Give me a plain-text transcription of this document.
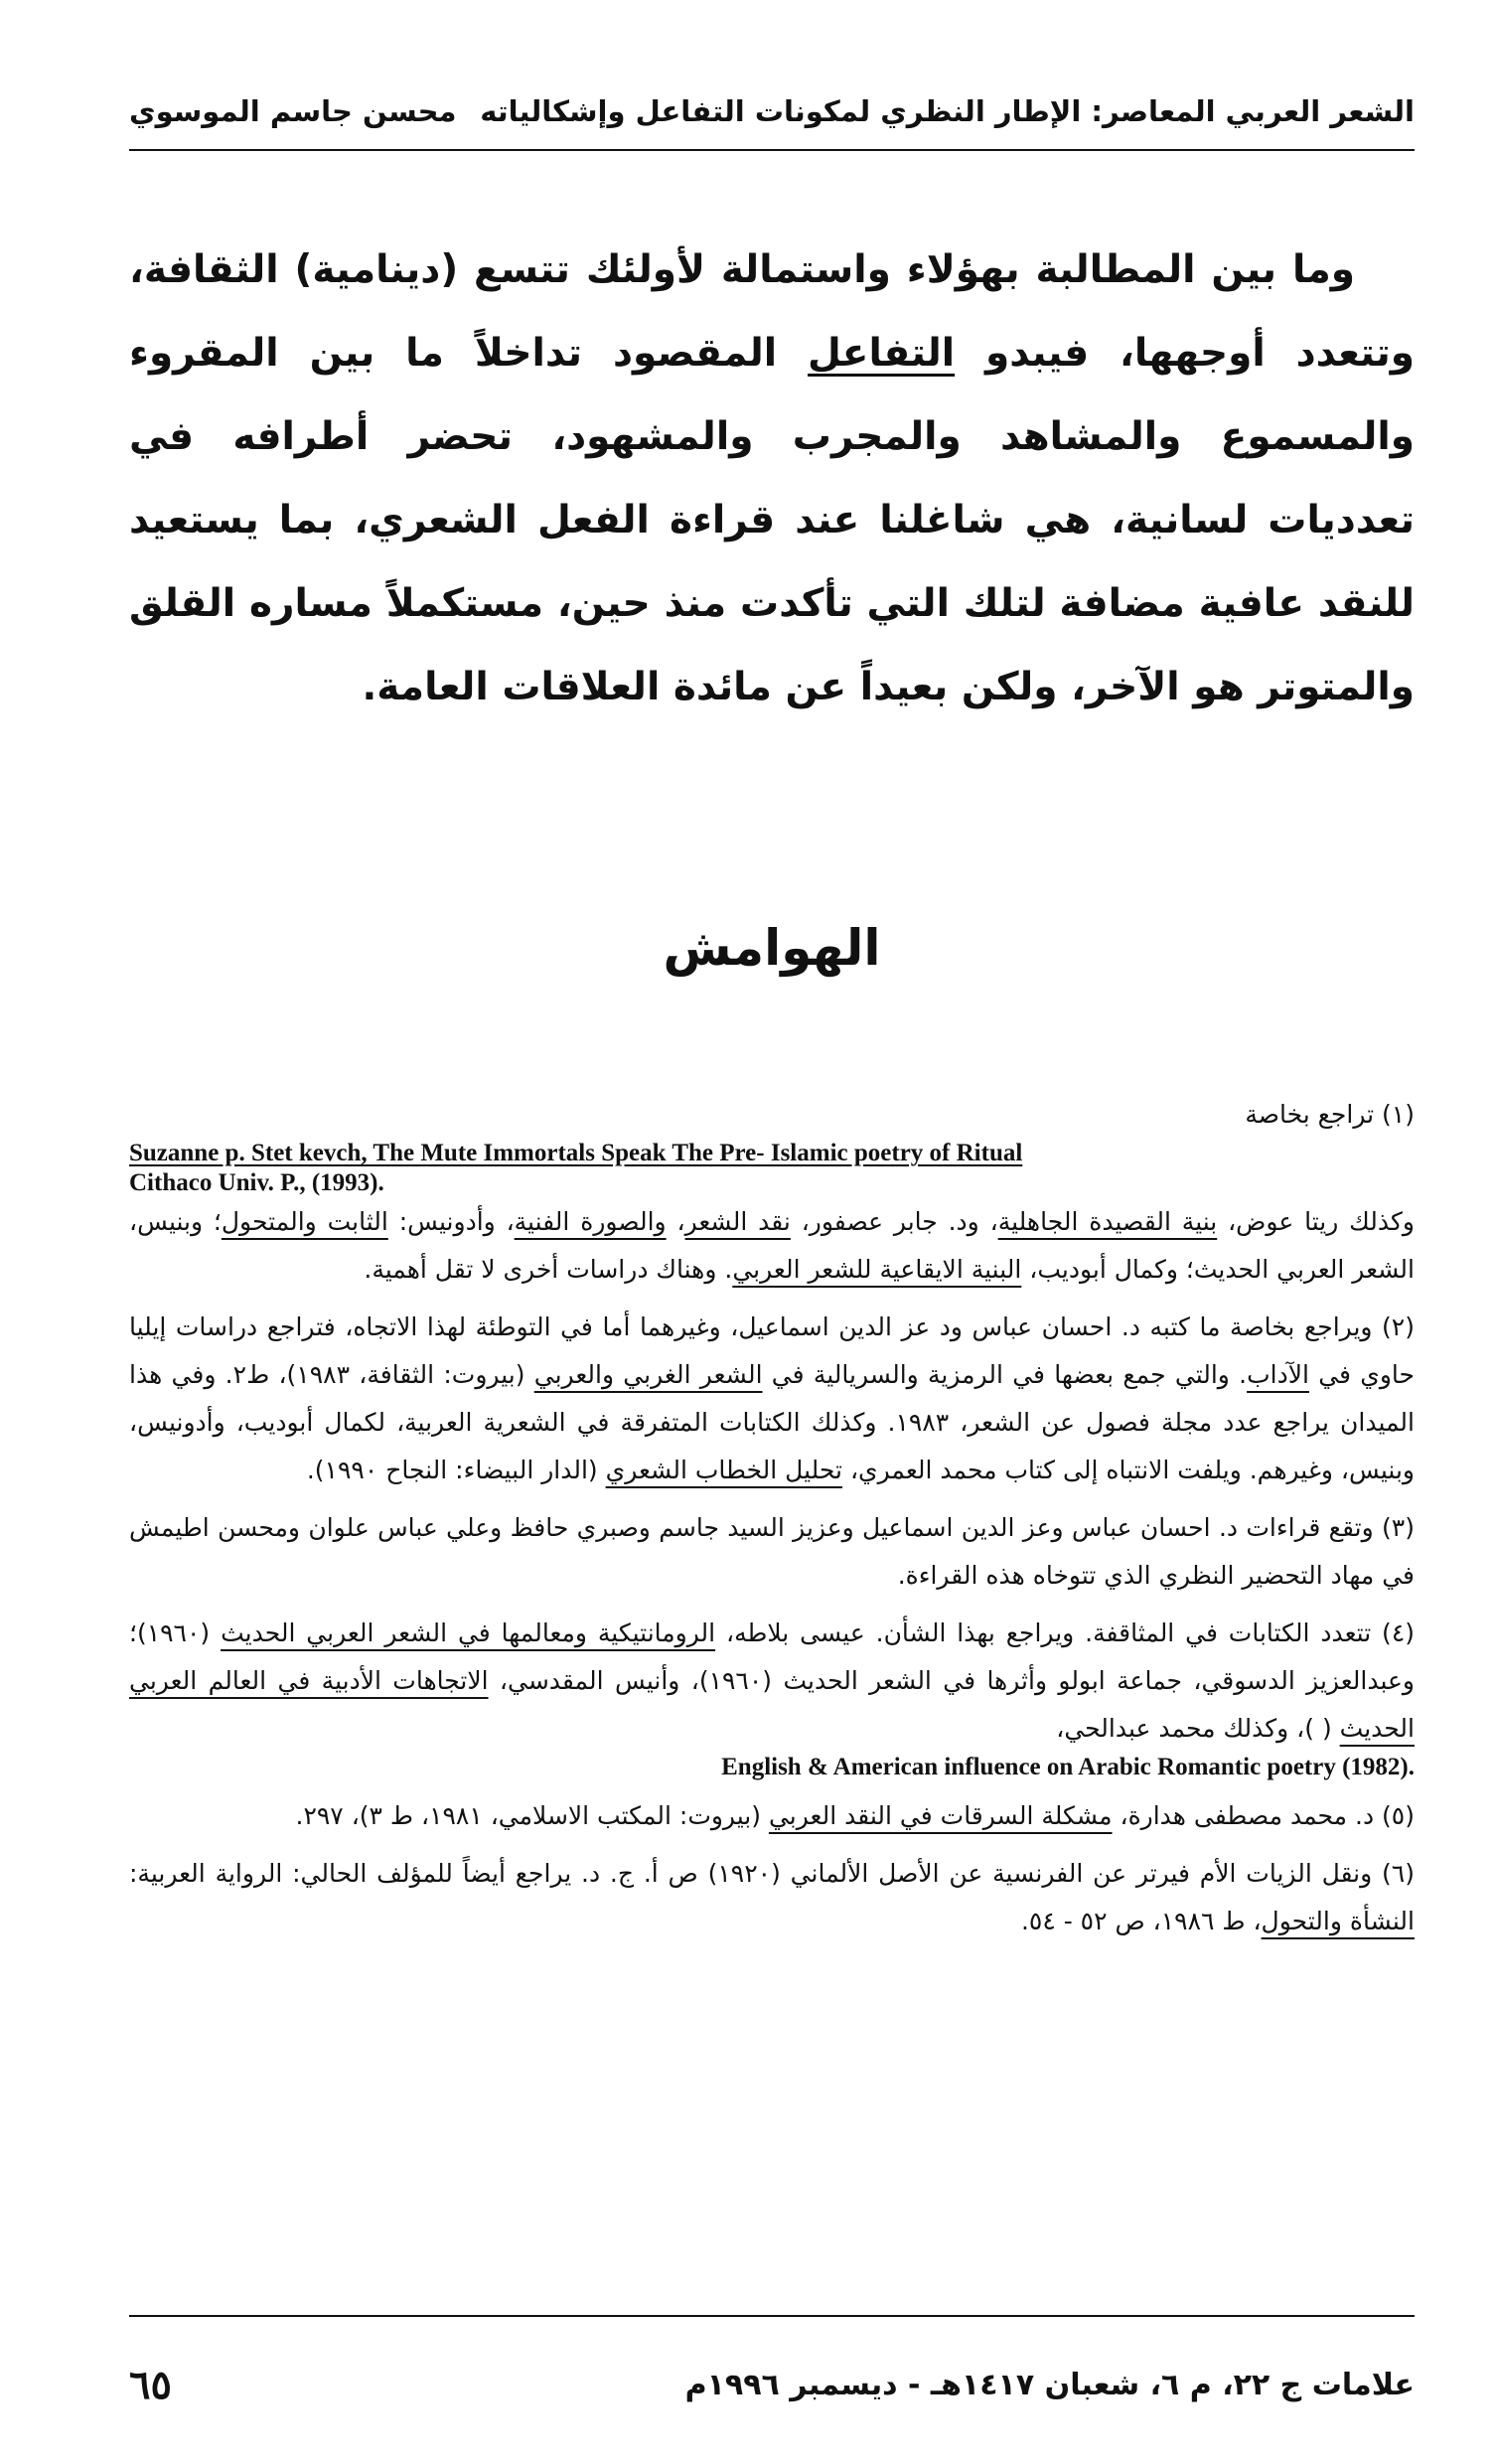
الشعر العربي المعاصر: الإطار النظري لمكونات التفاعل وإشكالياته
محسن جاسم الموسوي

وما بين المطالبة بهؤلاء واستمالة لأولئك تتسع (دينامية) الثقافة، وتتعدد أوجهها، فيبدو التفاعل المقصود تداخلاً ما بين المقروء والمسموع والمشاهد والمجرب والمشهود، تحضر أطرافه في تعدديات لسانية، هي شاغلنا عند قراءة الفعل الشعري، بما يستعيد للنقد عافية مضافة لتلك التي تأكدت منذ حين، مستكملاً مساره القلق والمتوتر هو الآخر، ولكن بعيداً عن مائدة العلاقات العامة.

الهوامش
(١) تراجع بخاصة

Suzanne p. Stet kevch, The Mute Immortals Speak The Pre- Islamic poetry of Ritual
Cithaco Univ. P., (1993).

وكذلك ريتا عوض، بنية القصيدة الجاهلية، ود. جابر عصفور، نقد الشعر، والصورة الفنية، وأدونيس: الثابت والمتحول؛ وبنيس، الشعر العربي الحديث؛ وكمال أبوديب، البنية الايقاعية للشعر العربي. وهناك دراسات أخرى لا تقل أهمية.
(٢) ويراجع بخاصة ما كتبه د. احسان عباس ود عز الدين اسماعيل، وغيرهما أما في التوطئة لهذا الاتجاه، فتراجع دراسات إيليا حاوي في الآداب. والتي جمع بعضها في الرمزية والسريالية في الشعر الغربي والعربي (بيروت: الثقافة، ١٩٨٣)، ط٢. وفي هذا الميدان يراجع عدد مجلة فصول عن الشعر، ١٩٨٣. وكذلك الكتابات المتفرقة في الشعرية العربية، لكمال أبوديب، وأدونيس، وبنيس، وغيرهم. ويلفت الانتباه إلى كتاب محمد العمري، تحليل الخطاب الشعري (الدار البيضاء: النجاح ١٩٩٠).
(٣) وتقع قراءات د. احسان عباس وعز الدين اسماعيل وعزيز السيد جاسم وصبري حافظ وعلي عباس علوان ومحسن اطيمش في مهاد التحضير النظري الذي تتوخاه هذه القراءة.
(٤) تتعدد الكتابات في المثاقفة. ويراجع بهذا الشأن. عيسى بلاطه، الرومانتيكية ومعالمها في الشعر العربي الحديث (١٩٦٠)؛ وعبدالعزيز الدسوقي، جماعة ابولو وأثرها في الشعر الحديث (١٩٦٠)، وأنيس المقدسي، الاتجاهات الأدبية في العالم العربي الحديث ( )، وكذلك محمد عبدالحي،

English & American influence on Arabic Romantic poetry (1982).

(٥) د. محمد مصطفى هدارة، مشكلة السرقات في النقد العربي (بيروت: المكتب الاسلامي، ١٩٨١، ط ٣)، ٢٩٧.
(٦) ونقل الزيات الأم فيرتر عن الفرنسية عن الأصل الألماني (١٩٢٠) ص أ. ج. د. يراجع أيضاً للمؤلف الحالي: الرواية العربية: النشأة والتحول، ط ١٩٨٦، ص ٥٢ - ٥٤.
علامات ج ٢٢، م ٦، شعبان ١٤١٧هـ - ديسمبر ١٩٩٦م
٦٥
